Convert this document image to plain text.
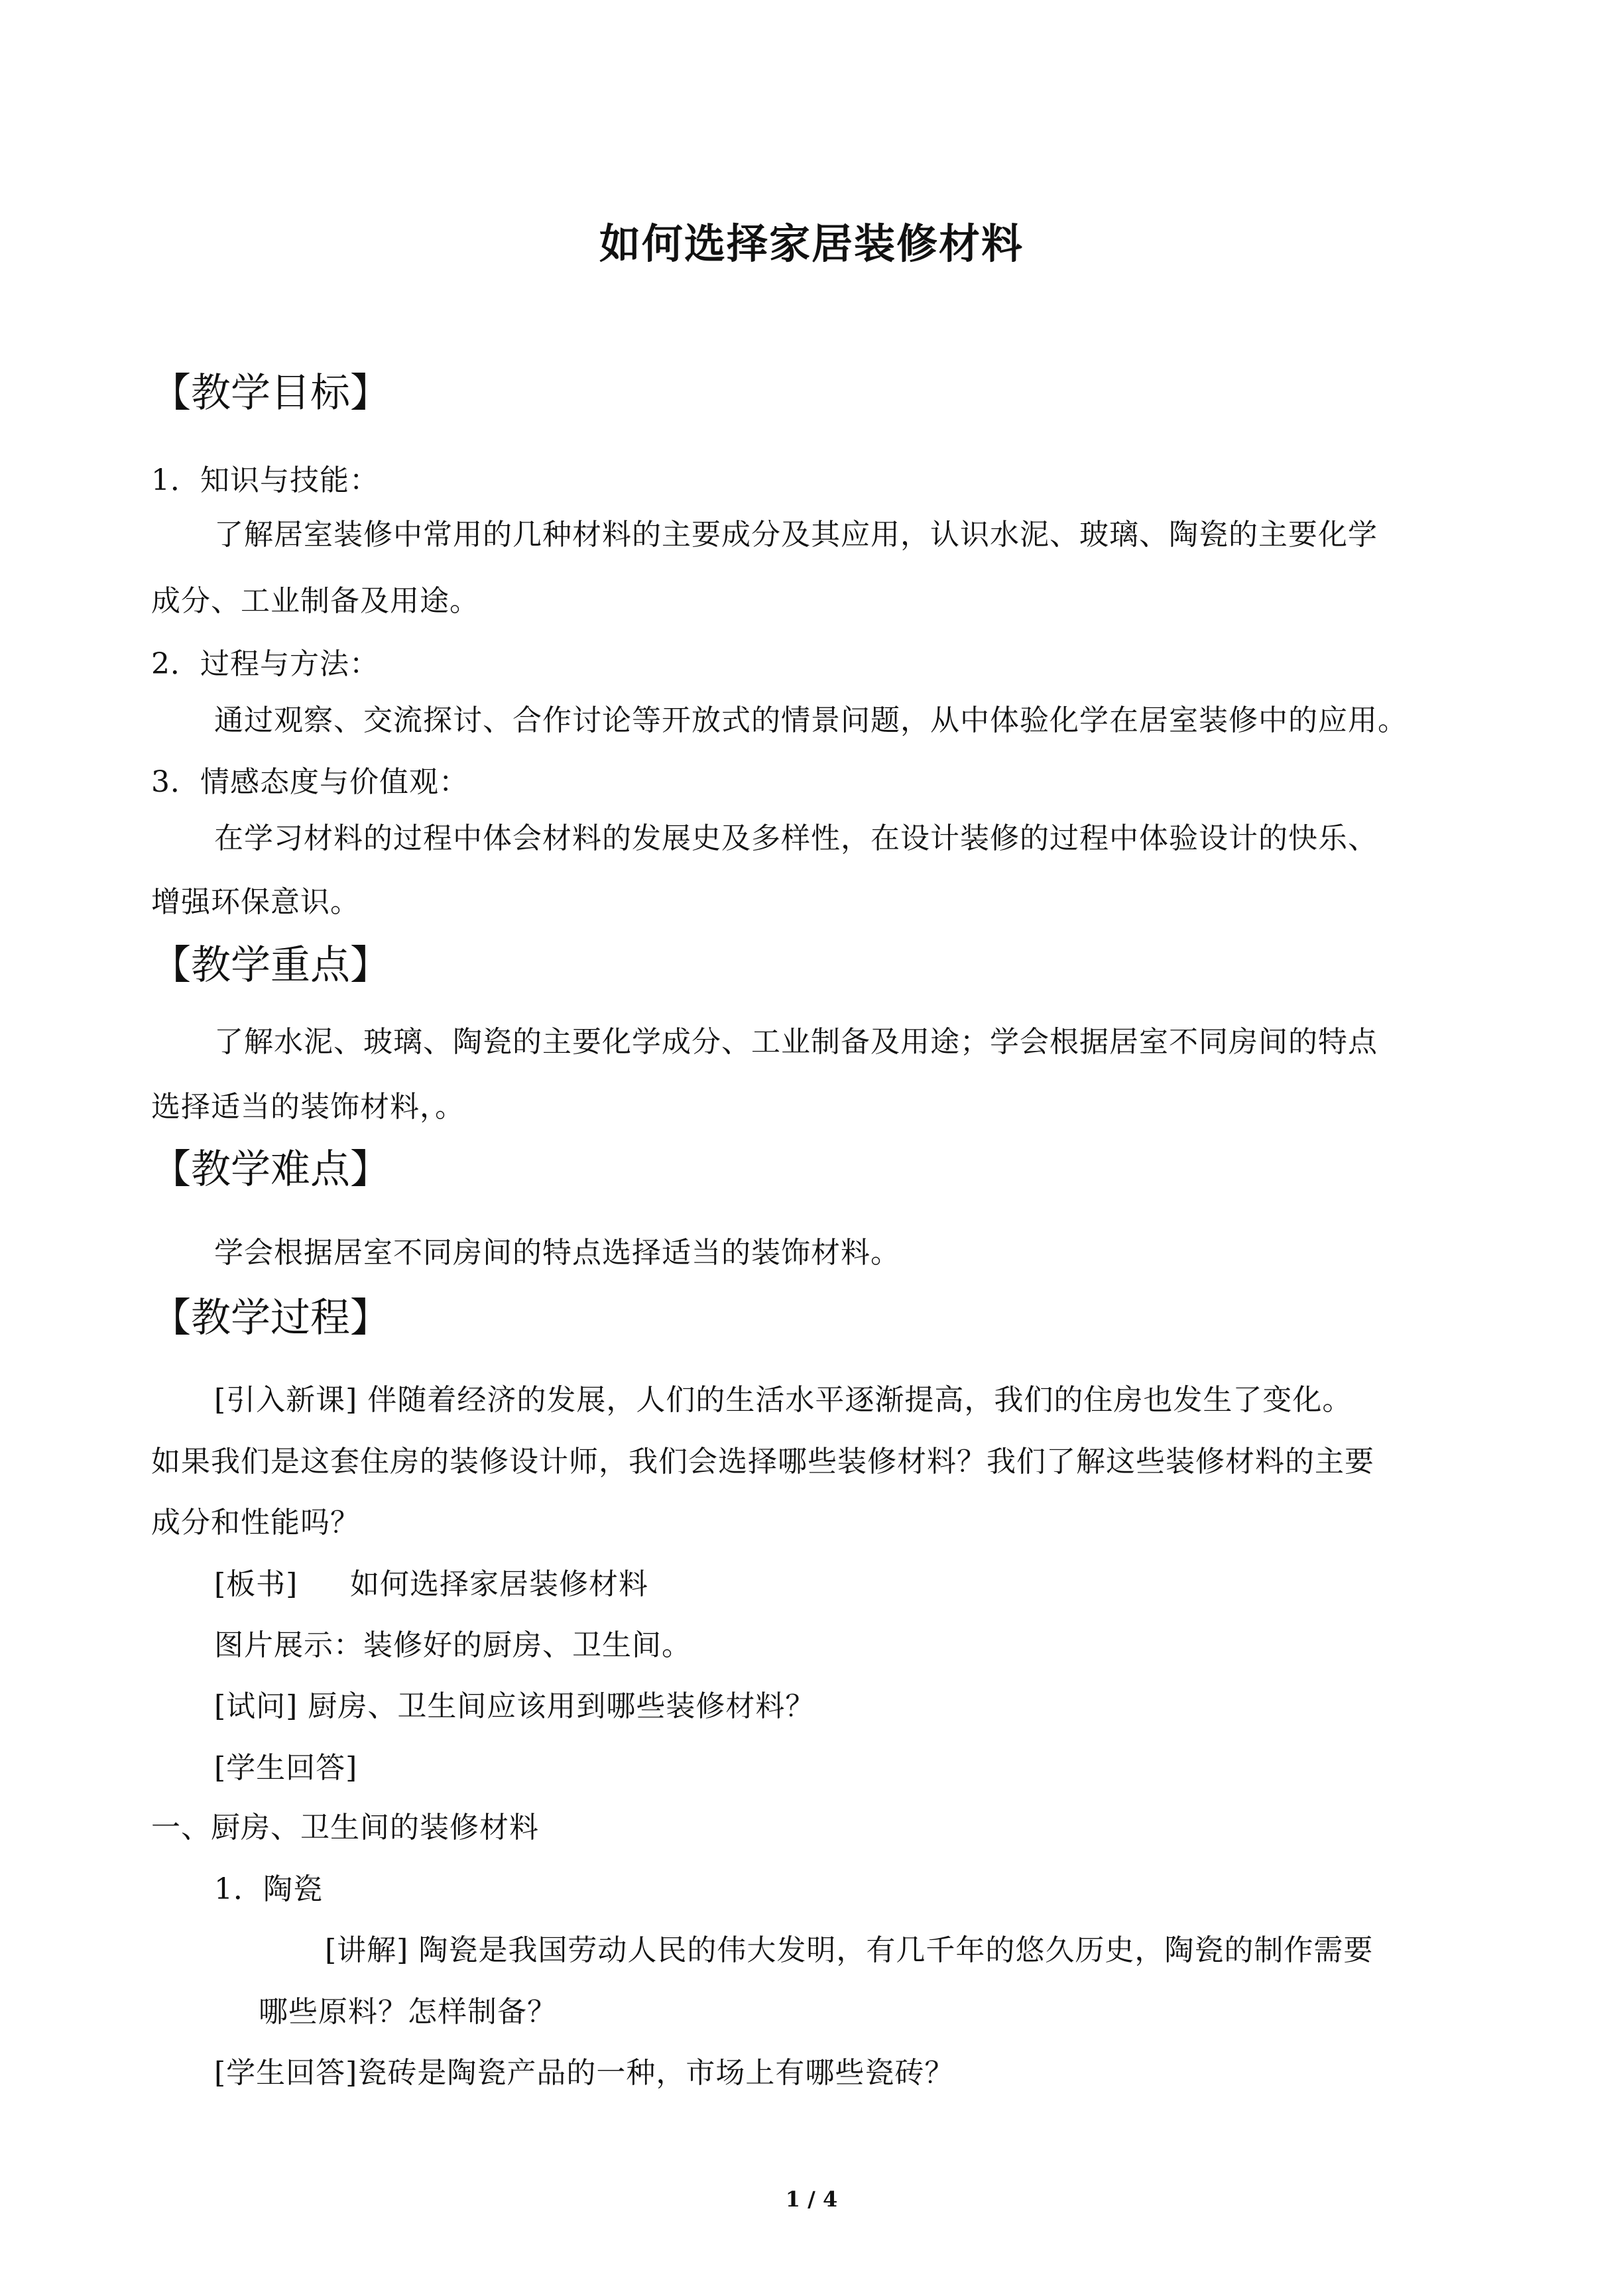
如何选择家居装修材料
【教学目标】
1．知识与技能：
了解居室装修中常用的几种材料的主要成分及其应用，认识水泥、玻璃、陶瓷的主要化学
成分、工业制备及用途。
2．过程与方法：
通过观察、交流探讨、合作讨论等开放式的情景问题，从中体验化学在居室装修中的应用。
3．情感态度与价值观：
在学习材料的过程中体会材料的发展史及多样性，在设计装修的过程中体验设计的快乐、
增强环保意识。
【教学重点】
了解水泥、玻璃、陶瓷的主要化学成分、工业制备及用途；学会根据居室不同房间的特点
选择适当的装饰材料，。
【教学难点】
学会根据居室不同房间的特点选择适当的装饰材料。
【教学过程】
[引入新课] 伴随着经济的发展，人们的生活水平逐渐提高，我们的住房也发生了变化。
如果我们是这套住房的装修设计师，我们会选择哪些装修材料？我们了解这些装修材料的主要
成分和性能吗？
[板书] 如何选择家居装修材料
图片展示：装修好的厨房、卫生间。
[试问] 厨房、卫生间应该用到哪些装修材料？
[学生回答]
一、厨房、卫生间的装修材料
1．陶瓷
[讲解] 陶瓷是我国劳动人民的伟大发明，有几千年的悠久历史，陶瓷的制作需要
哪些原料？怎样制备？
[学生回答]瓷砖是陶瓷产品的一种，市场上有哪些瓷砖？
1 / 4
